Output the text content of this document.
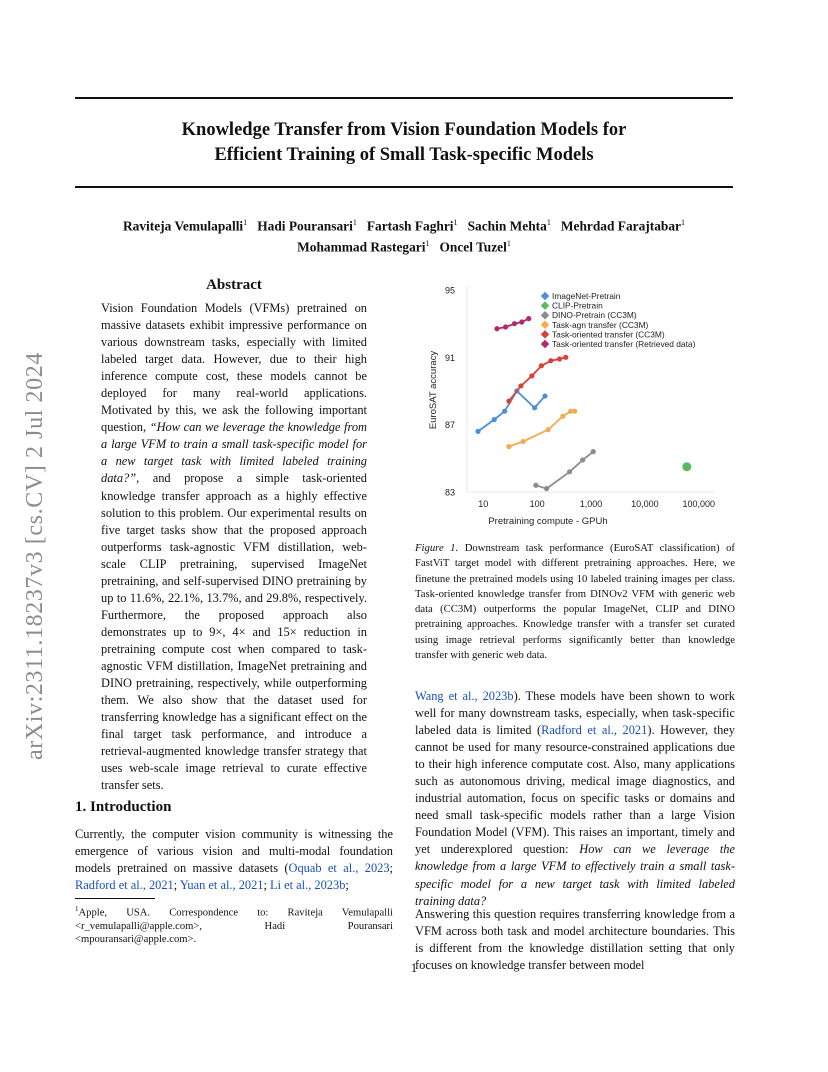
Knowledge Transfer from Vision Foundation Models for
Efficient Training of Small Task-specific Models
Raviteja Vemulapalli$^1$ Hadi Pouransari$^1$ Fartash Faghri$^1$ Sachin Mehta$^1$ Mehrdad Farajtabar$^1$
Mohammad Rastegari$^1$ Oncel Tuzel$^1$
arXiv:2311.18237v3 [cs.CV] 2 Jul 2024
Abstract
Vision Foundation Models (VFMs) pretrained on massive datasets exhibit impressive performance on various downstream tasks, especially with limited labeled target data. However, due to their high inference compute cost, these models cannot be deployed for many real-world applications. Motivated by this, we ask the following important question, “How can we leverage the knowledge from a large VFM to train a small task-specific model for a new target task with limited labeled training data?”, and propose a simple task-oriented knowledge transfer approach as a highly effective solution to this problem. Our experimental results on five target tasks show that the proposed approach outperforms task-agnostic VFM distillation, web-scale CLIP pretraining, supervised ImageNet pretraining, and self-supervised DINO pretraining by up to 11.6%, 22.1%, 13.7%, and 29.8%, respectively. Furthermore, the proposed approach also demonstrates up to 9×, 4× and 15× reduction in pretraining compute cost when compared to task-agnostic VFM distillation, ImageNet pretraining and DINO pretraining, respectively, while outperforming them. We also show that the dataset used for transferring knowledge has a significant effect on the final target task performance, and introduce a retrieval-augmented knowledge transfer strategy that uses web-scale image retrieval to curate effective transfer sets.
1. Introduction
Currently, the computer vision community is witnessing the emergence of various vision and multi-modal foundation models pretrained on massive datasets (Oquab et al., 2023; Radford et al., 2021; Yuan et al., 2021; Li et al., 2023b;
$^1$Apple, USA. Correspondence to: Raviteja Vemulapalli <r_vemulapalli@apple.com>, Hadi Pouransari <mpouransari@apple.com>.
83
87
91
95
10	100	1,000	10,000	100,000
ImageNet-Pretrain
CLIP-Pretrain
DINO-Pretrain (CC3M)
Task-agn transfer (CC3M)
Task-oriented transfer (CC3M)
Task-oriented transfer (Retrieved data)
Pretraining compute - GPUh
EuroSAT accuracy
Figure 1. Downstream task performance (EuroSAT classification) of FastViT target model with different pretraining approaches. Here, we finetune the pretrained models using 10 labeled training images per class. Task-oriented knowledge transfer from DINOv2 VFM with generic web data (CC3M) outperforms the popular ImageNet, CLIP and DINO pretraining approaches. Knowledge transfer with a transfer set curated using image retrieval performs significantly better than knowledge transfer with generic web data.
Wang et al., 2023b). These models have been shown to work well for many downstream tasks, especially, when task-specific labeled data is limited (Radford et al., 2021). However, they cannot be used for many resource-constrained applications due to their high inference computate cost. Also, many applications such as autonomous driving, medical image diagnostics, and industrial automation, focus on specific tasks or domains and need small task-specific models rather than a large Vision Foundation Model (VFM). This raises an important, timely and yet underexplored question: How can we leverage the knowledge from a large VFM to effectively train a small task-specific model for a new target task with limited labeled training data?
Answering this question requires transferring knowledge from a VFM across both task and model architecture boundaries. This is different from the knowledge distillation setting that only focuses on knowledge transfer between model
1
